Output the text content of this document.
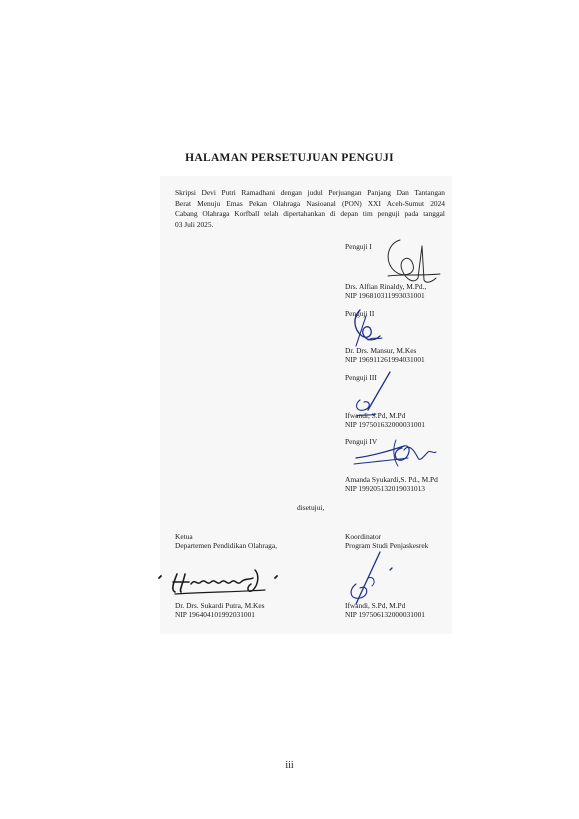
HALAMAN PERSETUJUAN PENGUJI
Skripsi Devi Putri Ramadhani dengan judul Perjuangan Panjang Dan Tantangan
Berat Menuju Emas Pekan Olahraga Nasioanal (PON) XXI Aceh-Sumut 2024
Cabang Olahraga Korfball telah dipertahankan di depan tim penguji pada tanggal
03 Juli 2025.
Penguji I
Drs. Alfian Rinaldy, M.Pd.,
NIP 196810311993031001
Penguji II
Dr. Drs. Mansur, M.Kes
NIP 196911261994031001
Penguji III
Ifwandi, S.Pd, M.Pd
NIP 197501632000031001
Penguji IV
Amanda Syukardi,S. Pd., M.Pd
NIP 199205132019031013
disetujui,
Ketua
Departemen Pendidikan Olahraga,
Dr. Drs. Sukardi Putra, M.Kes
NIP 196404101992031001
Koordinator
Program Studi Penjaskesrek
Ifwandi, S.Pd, M.Pd
NIP 197506132000031001
iii
